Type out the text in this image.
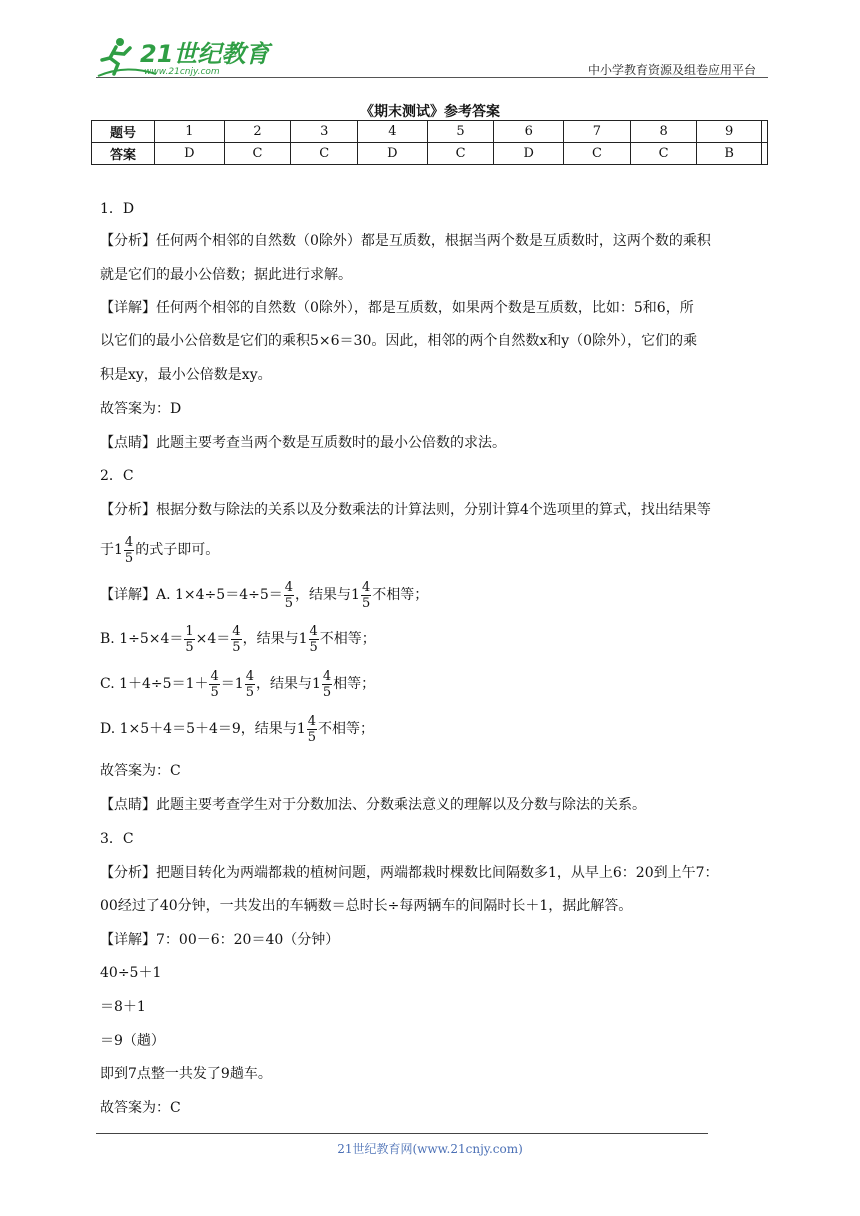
21世纪教育
www.21cnjy.com	中小学教育资源及组卷应用平台
《期末测试》参考答案
题号	1	2	3	4	5	6	7	8	9	
答案	D	C	C	D	C	D	C	C	B	
1．D
【分析】任何两个相邻的自然数（0除外）都是互质数，根据当两个数是互质数时，这两个数的乘积
就是它们的最小公倍数；据此进行求解。
【详解】任何两个相邻的自然数（0除外），都是互质数，如果两个数是互质数，比如：5和6，所
以它们的最小公倍数是它们的乘积5×6＝30。因此，相邻的两个自然数x和y（0除外），它们的乘
积是xy，最小公倍数是xy。
故答案为：D
【点睛】此题主要考查当两个数是互质数时的最小公倍数的求法。
2．C
【分析】根据分数与除法的关系以及分数乘法的计算法则，分别计算4个选项里的算式，找出结果等
于 $1 \frac{4}{5}$ 的式子即可。
【详解】A. $1\times 4\div 5=4\div 5= \frac{4}{5}$ ，结果与 $1 \frac{4}{5}$ 不相等；
B. $1\div 5\times 4= \frac{1}{5} \times 4= \frac{4}{5}$ ，结果与 $1 \frac{4}{5}$ 不相等；
C. $1+4\div 5=1+ \frac{4}{5} = 1 \frac{4}{5}$ ，结果与 $1 \frac{4}{5}$ 相等；
D. 1×5＋4＝5＋4＝9，结果与 $1 \frac{4}{5}$ 不相等；
故答案为：C
【点睛】此题主要考查学生对于分数加法、分数乘法意义的理解以及分数与除法的关系。
3．C
【分析】把题目转化为两端都栽的植树问题，两端都栽时棵数比间隔数多1，从早上6：20到上午7：
00经过了40分钟，一共发出的车辆数＝总时长÷每两辆车的间隔时长＋1，据此解答。
【详解】7：00－6：20＝40（分钟）
40÷5＋1
＝8＋1
＝9（趟）
即到7点整一共发了9趟车。
故答案为：C
21世纪教育网(www.21cnjy.com)
